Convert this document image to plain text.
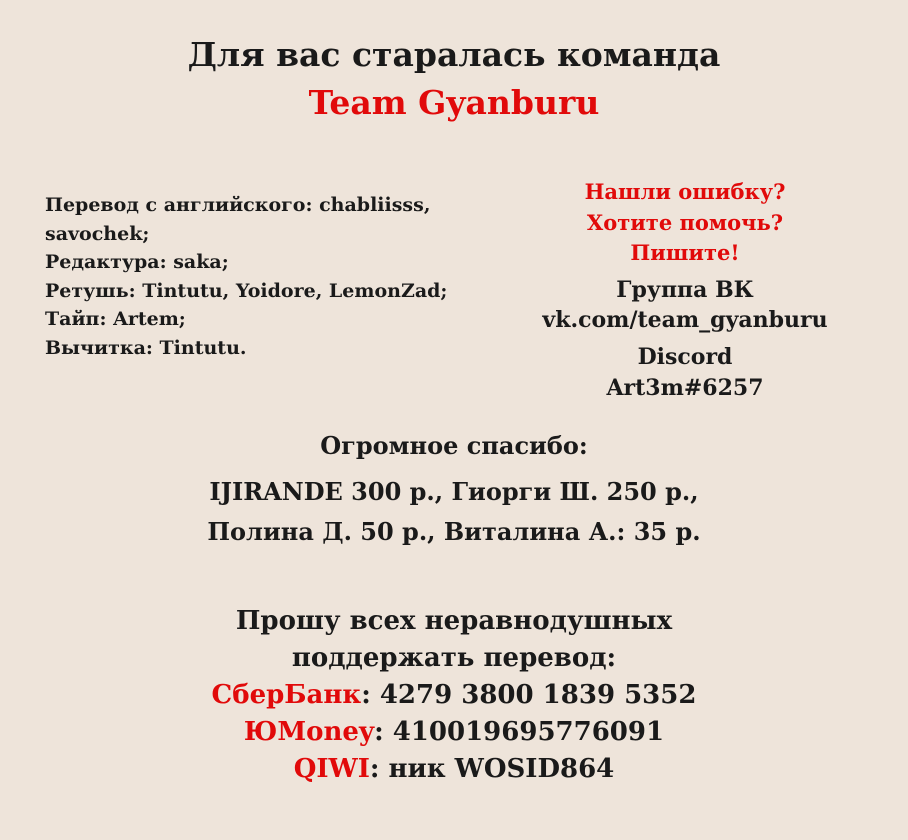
Для вас старалась команда
Team Gyanburu
Перевод с английского: chabliisss,
savochek;
Редактура: saka;
Ретушь: Tintutu, Yoidore, LemonZad;
Тайп: Artem;
Вычитка: Tintutu.
Нашли ошибку?
Хотите помочь?
Пишите!
Группа ВК
vk.com/team_gyanburu
Discord
Art3m#6257
Огромное спасибо:
IJIRANDE 300 р., Гиорги Ш. 250 р.,
Полина Д. 50 р., Виталина А.: 35 р.
Прошу всех неравнодушных
поддержать перевод:
СберБанк: 4279 3800 1839 5352
ЮMoney: 410019695776091
QIWI: ник WOSID864
